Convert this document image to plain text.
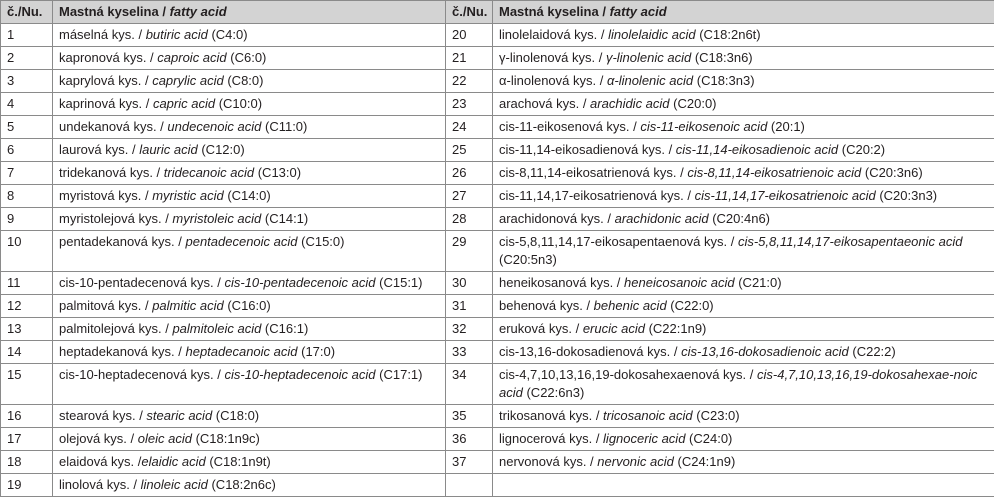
č./Nu.	Mastná kyselina / fatty acid	č./Nu.	Mastná kyselina / fatty acid
1	máselná kys. / butiric acid (C4:0)	20	linolelaidová kys. / linolelaidic acid (C18:2n6t)
2	kapronová kys. / caproic acid (C6:0)	21	γ-linolenová kys. / γ-linolenic acid (C18:3n6)
3	kaprylová kys. / caprylic acid (C8:0)	22	α-linolenová kys. / α-linolenic acid (C18:3n3)
4	kaprinová kys. / capric acid (C10:0)	23	arachová kys. / arachidic acid (C20:0)
5	undekanová kys. / undecenoic acid (C11:0)	24	cis-11-eikosenová kys. / cis-11-eikosenoic acid (20:1)
6	laurová kys. / lauric acid (C12:0)	25	cis-11,14-eikosadienová kys. / cis-11,14-eikosadienoic acid (C20:2)
7	tridekanová kys. / tridecanoic acid (C13:0)	26	cis-8,11,14-eikosatrienová kys. / cis-8,11,14-eikosatrienoic acid (C20:3n6)
8	myristová kys. / myristic acid (C14:0)	27	cis-11,14,17-eikosatrienová kys. / cis-11,14,17-eikosatrienoic acid (C20:3n3)
9	myristolejová kys. / myristoleic acid (C14:1)	28	arachidonová kys. / arachidonic acid (C20:4n6)
10	pentadekanová kys. / pentadecenoic acid (C15:0)	29	cis-5,8,11,14,17-eikosapentaenová kys. / cis-5,8,11,14,17-eikosapentaeonic acid (C20:5n3)
11	cis-10-pentadecenová kys. / cis-10-pentadecenoic acid (C15:1)	30	heneikosanová kys. / heneicosanoic acid (C21:0)
12	palmitová kys. / palmitic acid (C16:0)	31	behenová kys. / behenic acid (C22:0)
13	palmitolejová kys. / palmitoleic acid (C16:1)	32	eruková kys. / erucic acid (C22:1n9)
14	heptadekanová kys. / heptadecanoic acid (17:0)	33	cis-13,16-dokosadienová kys. / cis-13,16-dokosadienoic acid (C22:2)
15	cis-10-heptadecenová kys. / cis-10-heptadecenoic acid (C17:1)	34	cis-4,7,10,13,16,19-dokosahexaenová kys. / cis-4,7,10,13,16,19-dokosahexae-noic acid (C22:6n3)
16	stearová kys. / stearic acid (C18:0)	35	trikosanová kys. / tricosanoic acid (C23:0)
17	olejová kys. / oleic acid (C18:1n9c)	36	lignocerová kys. / lignoceric acid (C24:0)
18	elaidová kys. /elaidic acid (C18:1n9t)	37	nervonová kys. / nervonic acid (C24:1n9)
19	linolová kys. / linoleic acid (C18:2n6c)		
